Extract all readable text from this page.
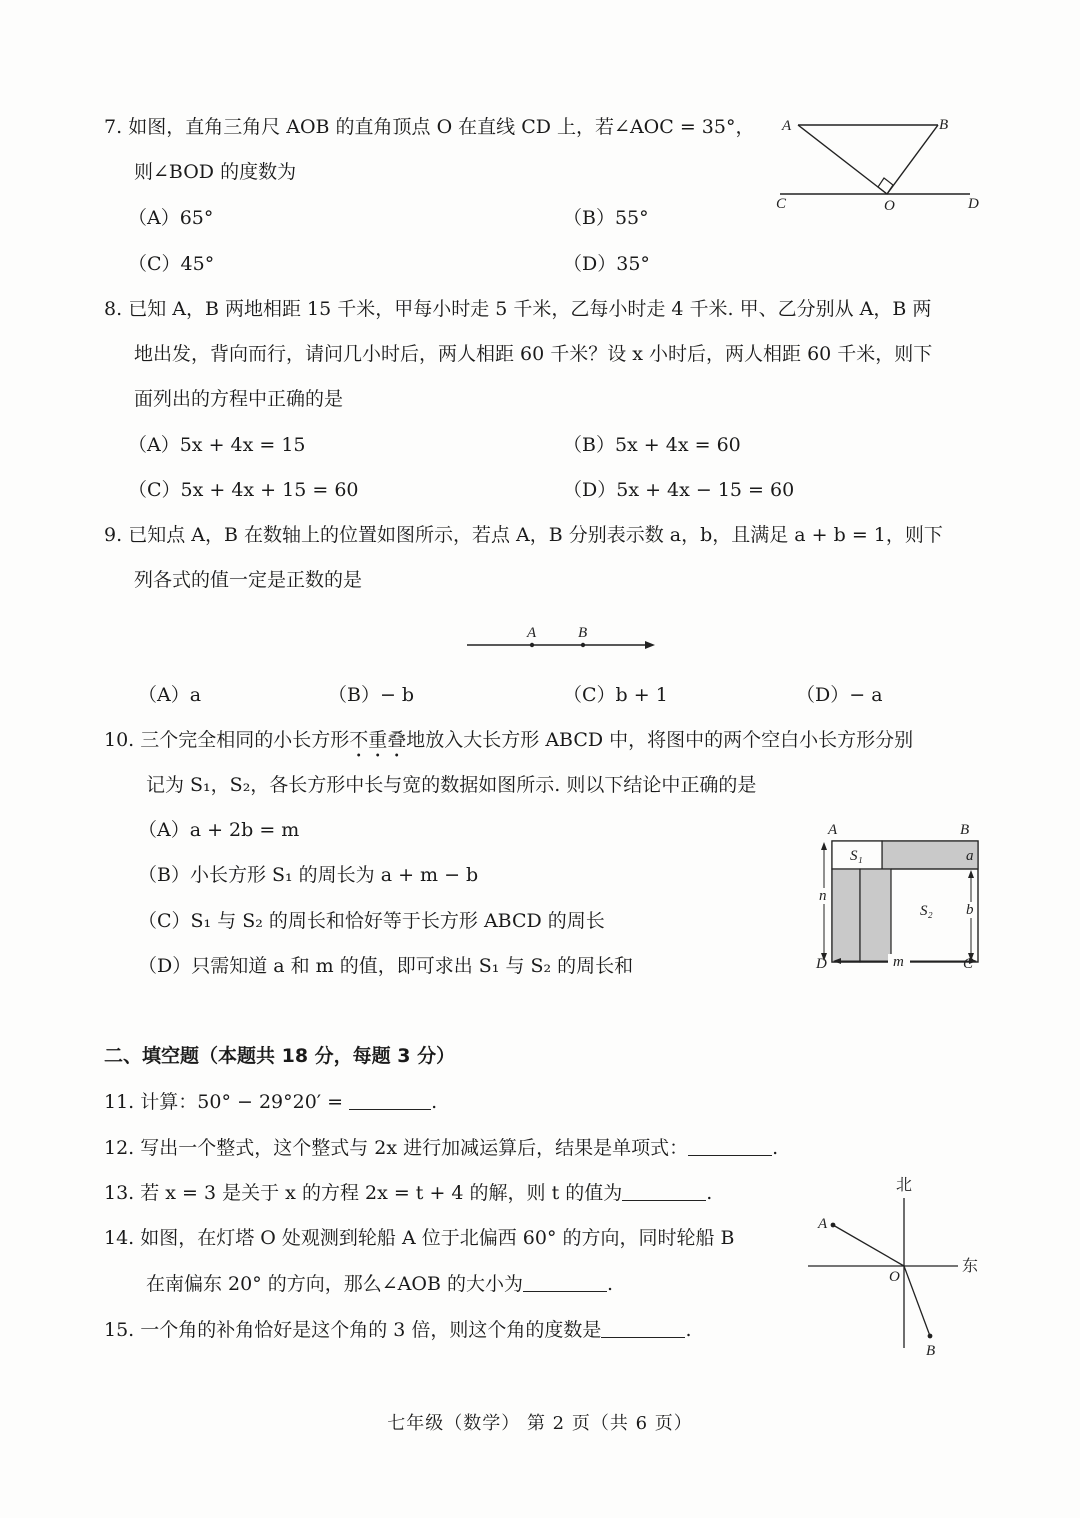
7. 如图，直角三角尺 AOB 的直角顶点 O 在直线 CD 上，若∠AOC = 35°，
则∠BOD 的度数为
（A）65°	（B）55°
（C）45°	（D）35°
A	B
C	O	D
8. 已知 A，B 两地相距 15 千米，甲每小时走 5 千米，乙每小时走 4 千米. 甲、乙分别从 A，B 两
地出发，背向而行，请问几小时后，两人相距 60 千米？设 x 小时后，两人相距 60 千米，则下
面列出的方程中正确的是
（A）5x + 4x = 15	（B）5x + 4x = 60
（C）5x + 4x + 15 = 60	（D）5x + 4x − 15 = 60
9. 已知点 A，B 在数轴上的位置如图所示，若点 A，B 分别表示数 a，b，且满足 a + b = 1，则下
列各式的值一定是正数的是
A	B
（A）a	（B）− b	（C）b + 1	（D）− a
10. 三个完全相同的小长方形不重叠地放入大长方形 ABCD 中，将图中的两个空白小长方形分别
记为 S₁，S₂，各长方形中长与宽的数据如图所示. 则以下结论中正确的是
（A）a + 2b = m
（B）小长方形 S₁ 的周长为 a + m − b
（C）S₁ 与 S₂ 的周长和恰好等于长方形 ABCD 的周长
（D）只需知道 a 和 m 的值，即可求出 S₁ 与 S₂ 的周长和
A	B
C
D
S₁
S₂
a
b
n
m
二、填空题（本题共 18 分，每题 3 分）
11. 计算：50° − 29°20′ =	.
12. 写出一个整式，这个整式与 2x 进行加减运算后，结果是单项式：	.
13. 若 x = 3 是关于 x 的方程 2x = t + 4 的解，则 t 的值为	.
14. 如图，在灯塔 O 处观测到轮船 A 位于北偏西 60° 的方向，同时轮船 B
在南偏东 20° 的方向，那么∠AOB 的大小为	.
15. 一个角的补角恰好是这个角的 3 倍，则这个角的度数是	.
北
东
A
O
B
七年级（数学） 第 2 页（共 6 页）
